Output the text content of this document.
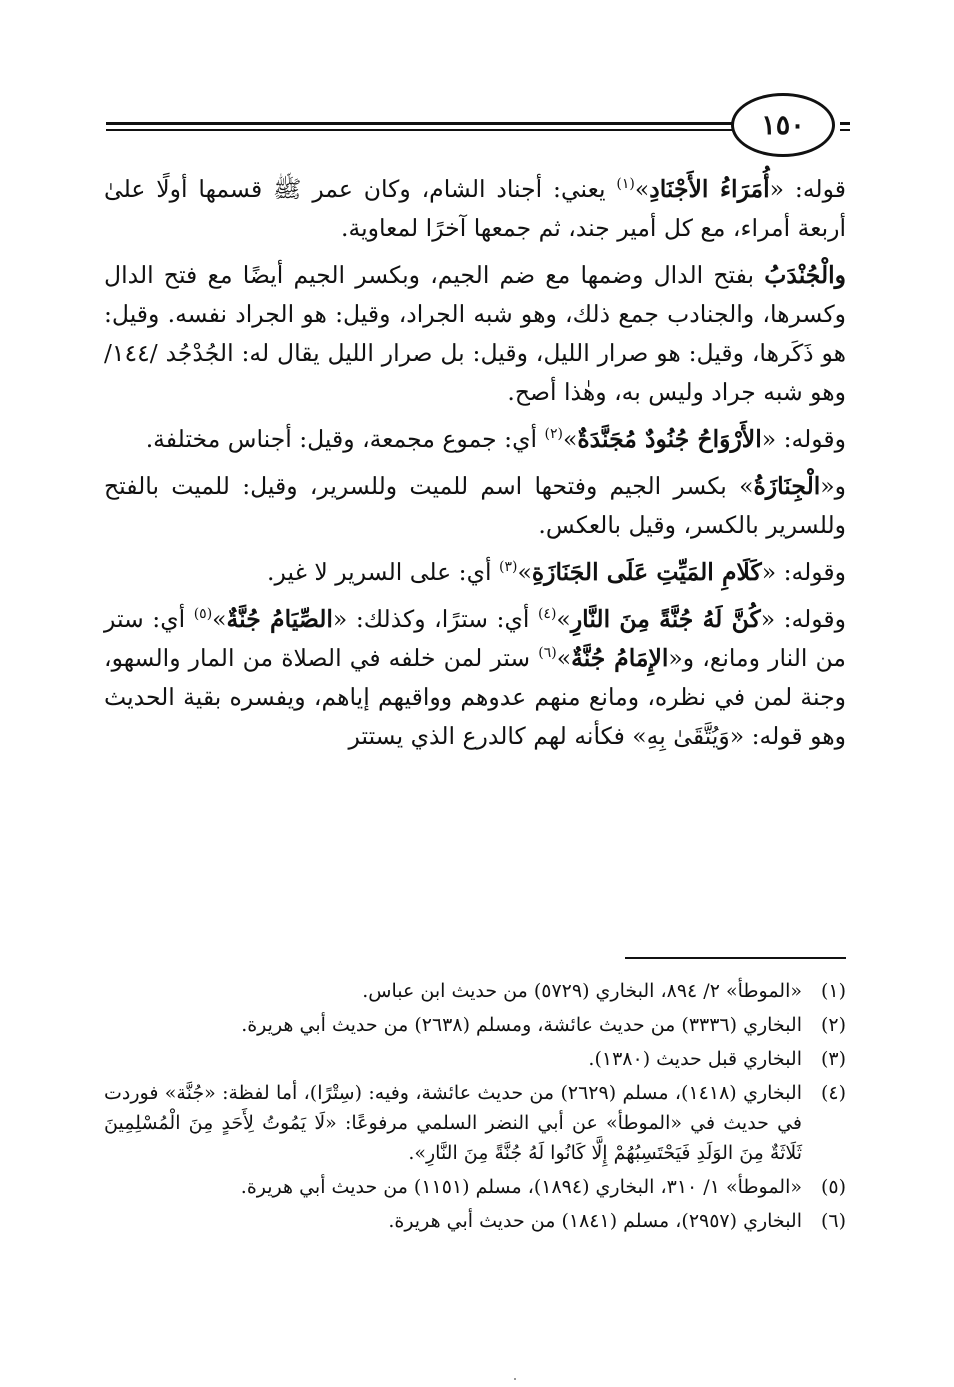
١٥٠

قوله: «أُمَرَاءُ الأَجْنَادِ»$^{(١)}$ يعني: أجناد الشام، وكان عمر ﷺ قسمها أولًا علىٰ أربعة أمراء، مع كل أمير جند، ثم جمعها آخرًا لمعاوية.

والْجُنْدَبُ بفتح الدال وضمها مع ضم الجيم، وبكسر الجيم أيضًا مع فتح الدال وكسرها، والجنادب جمع ذلك، وهو شبه الجراد، وقيل: هو الجراد نفسه. وقيل: هو ذَكَرها، وقيل: هو صرار الليل، وقيل: بل صرار الليل يقال له: الجُدْجُد /١٤٤/ وهو شبه جراد وليس به، وهٰذا أصح.

وقوله: «الأَرْوَاحُ جُنُودٌ مُجَنَّدَةٌ»$^{(٢)}$ أي: جموع مجمعة، وقيل: أجناس مختلفة.

و«الْجِنَازَةُ» بكسر الجيم وفتحها اسم للميت وللسرير، وقيل: للميت بالفتح وللسرير بالكسر، وقيل بالعكس.

وقوله: «كَلَامِ المَيِّتِ عَلَى الجَنَازَةِ»$^{(٣)}$ أي: على السرير لا غير.

وقوله: «كُنَّ لَهُ جُنَّةً مِنَ النَّارِ»$^{(٤)}$ أي: سترًا، وكذلك: «الصِّيَامُ جُنَّةٌ»$^{(٥)}$ أي: ستر من النار ومانع، و«الإِمَامُ جُنَّةٌ»$^{(٦)}$ ستر لمن خلفه في الصلاة من المار والسهو، وجنة لمن في نظره، ومانع منهم عدوهم وواقيهم إياهم، ويفسره بقية الحديث وهو قوله: «وَيُتَّقَىٰ بِهِ» فكأنه لهم كالدرع الذي يستتر

(١)
«الموطأ» ٢/ ٨٩٤، البخاري (٥٧٢٩) من حديث ابن عباس.
(٢)
البخاري (٣٣٣٦) من حديث عائشة، ومسلم (٢٦٣٨) من حديث أبي هريرة.
(٣)
البخاري قبل حديث (١٣٨٠).
(٤)
البخاري (١٤١٨)، مسلم (٢٦٢٩) من حديث عائشة، وفيه: (سِتْرًا)، أما لفظة: «جُنَّة» فوردت في حديث في «الموطأ» عن أبي النضر السلمي مرفوعًا: «لَا يَمُوتُ لِأَحَدٍ مِنَ الْمُسْلِمِينَ ثَلَاثَةٌ مِنَ الوَلَدِ فَيَحْتَسِبُهُمْ إِلَّا كَانُوا لَهُ جُنَّةً مِنَ النَّارِ».
(٥)
«الموطأ» ١/ ٣١٠، البخاري (١٨٩٤)، مسلم (١١٥١) من حديث أبي هريرة.
(٦)
البخاري (٢٩٥٧)، مسلم (١٨٤١) من حديث أبي هريرة.
